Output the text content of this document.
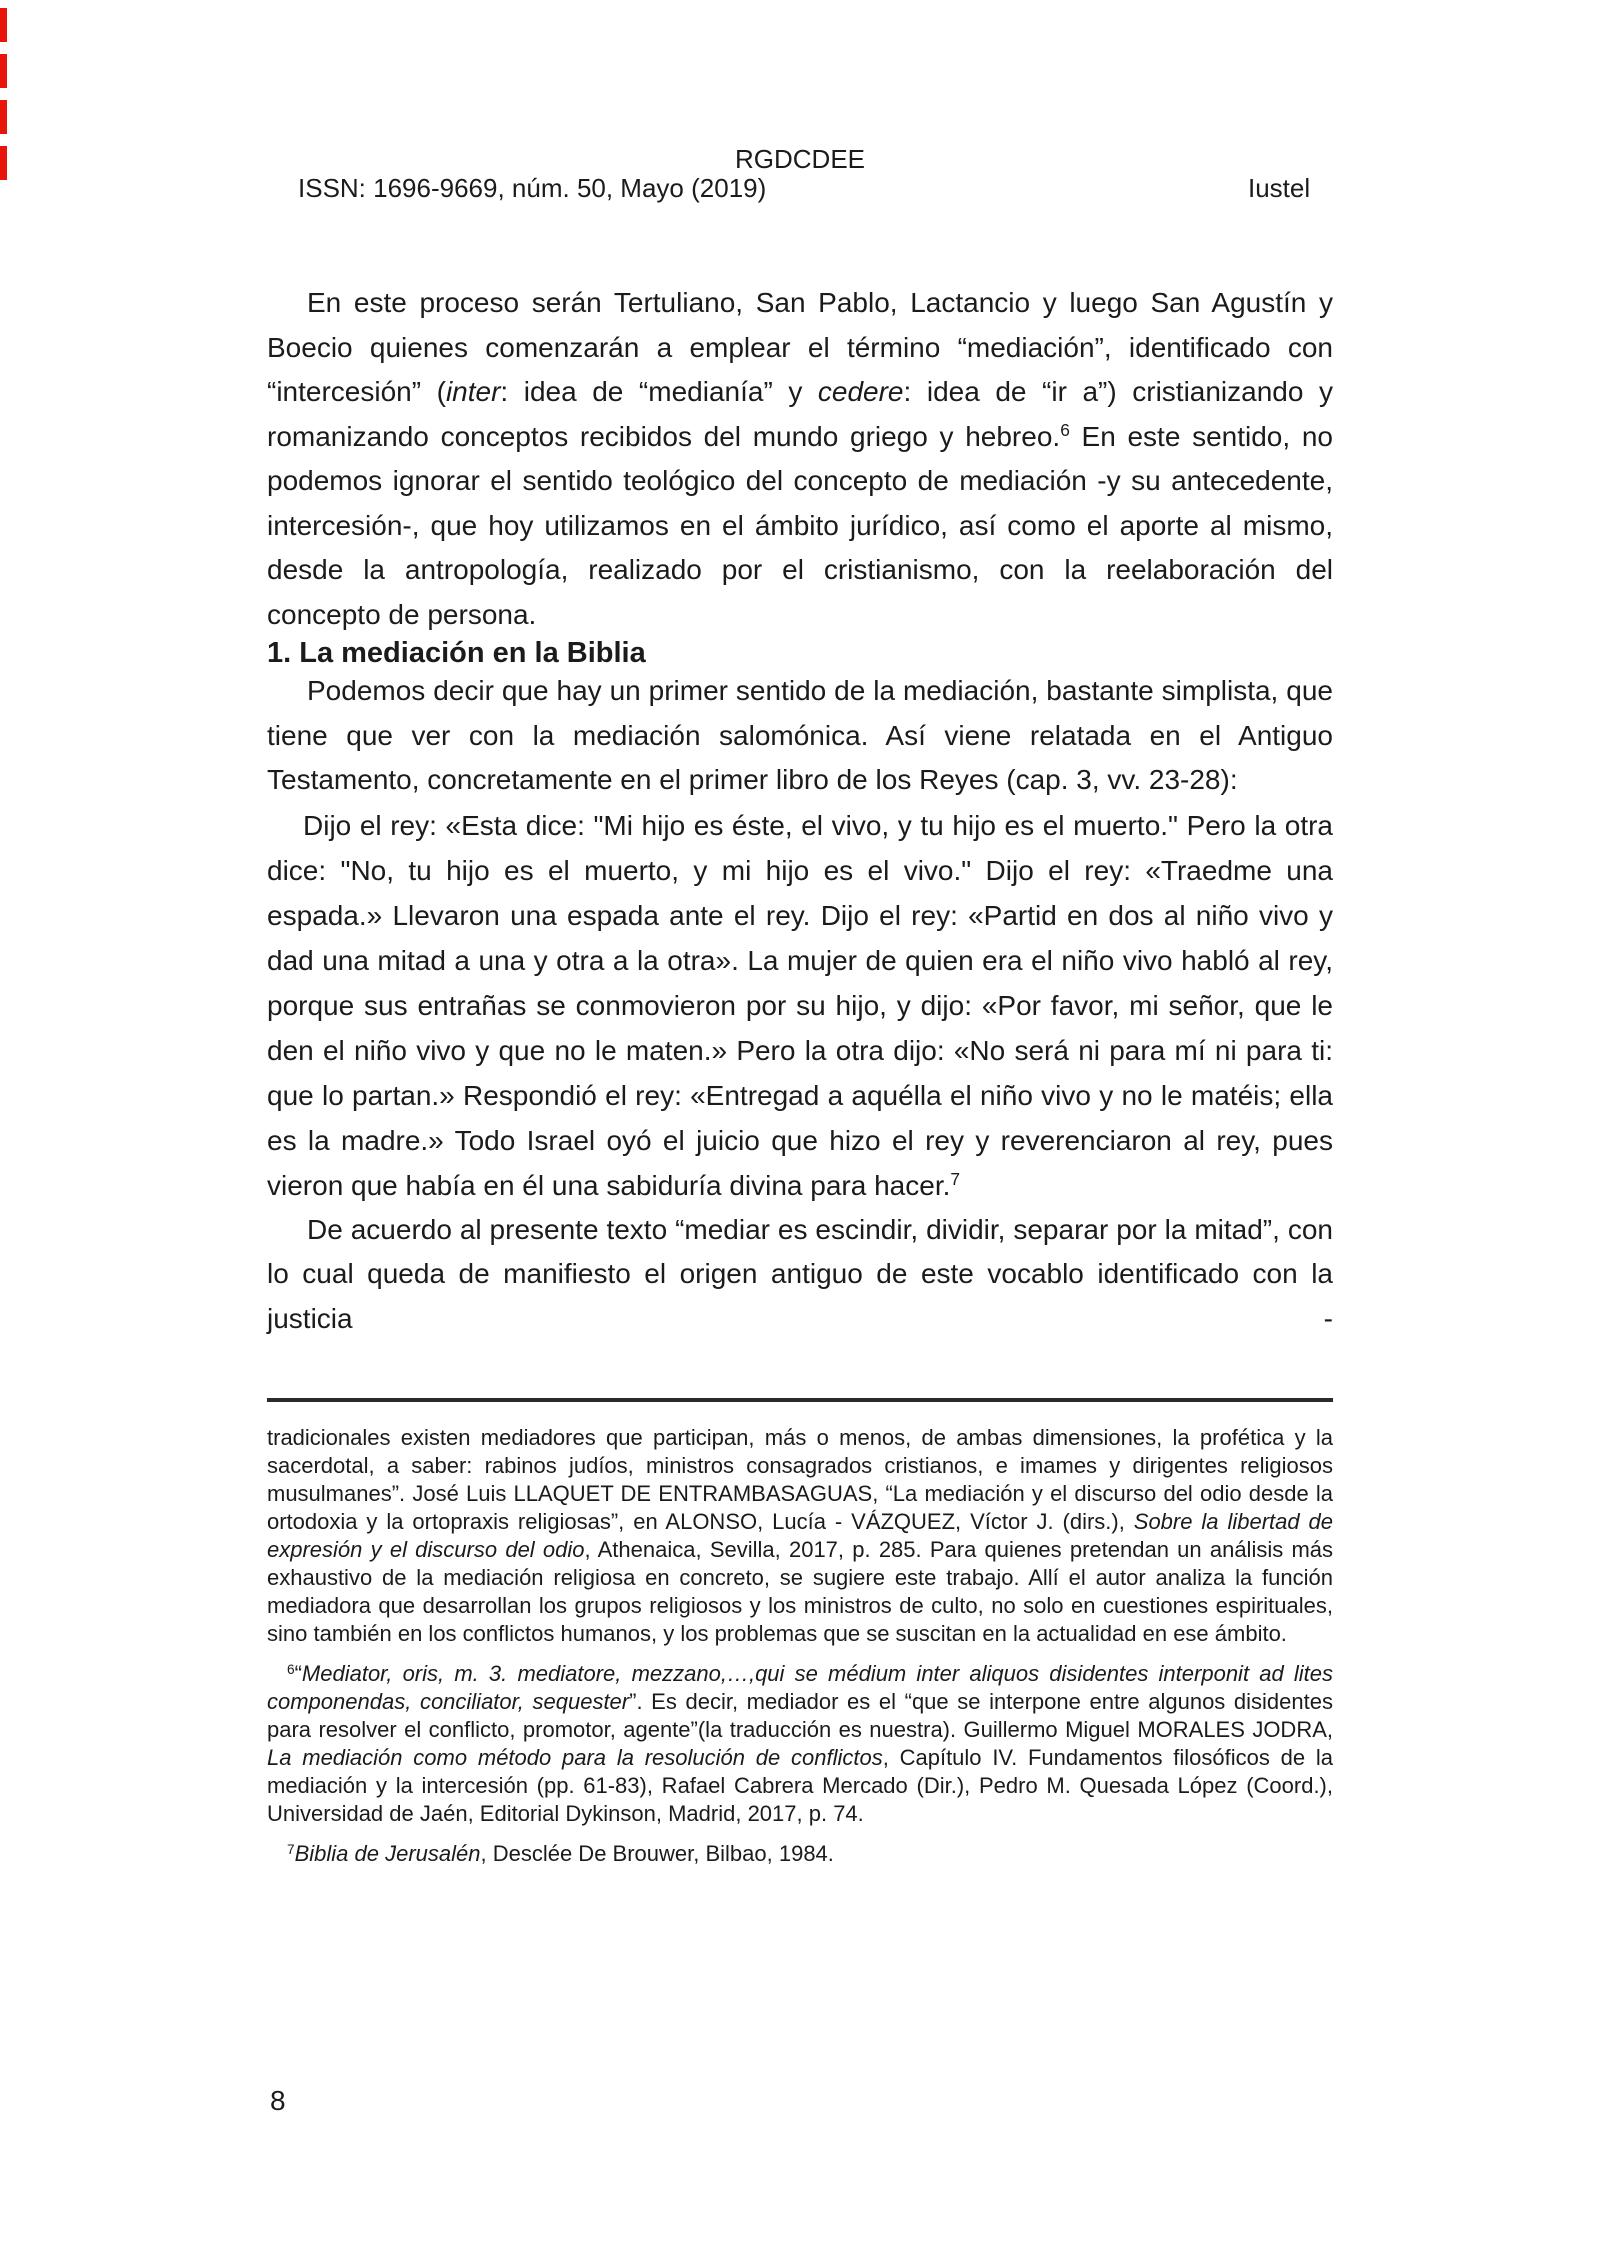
RGDCDEE
ISSN: 1696-9669, núm. 50, Mayo (2019)	Iustel

En este proceso serán Tertuliano, San Pablo, Lactancio y luego San Agustín y Boecio quienes comenzarán a emplear el término “mediación”, identificado con “intercesión” (inter: idea de “medianía” y cedere: idea de “ir a”) cristianizando y romanizando conceptos recibidos del mundo griego y hebreo.$^6$ En este sentido, no podemos ignorar el sentido teológico del concepto de mediación -y su antecedente, intercesión-, que hoy utilizamos en el ámbito jurídico, así como el aporte al mismo, desde la antropología, realizado por el cristianismo, con la reelaboración del concepto de persona.

1. La mediación en la Biblia

Podemos decir que hay un primer sentido de la mediación, bastante simplista, que tiene que ver con la mediación salomónica. Así viene relatada en el Antiguo Testamento, concretamente en el primer libro de los Reyes (cap. 3, vv. 23-28):

Dijo el rey: «Esta dice: "Mi hijo es éste, el vivo, y tu hijo es el muerto." Pero la otra dice: "No, tu hijo es el muerto, y mi hijo es el vivo." Dijo el rey: «Traedme una espada.» Llevaron una espada ante el rey. Dijo el rey: «Partid en dos al niño vivo y dad una mitad a una y otra a la otra». La mujer de quien era el niño vivo habló al rey, porque sus entrañas se conmovieron por su hijo, y dijo: «Por favor, mi señor, que le den el niño vivo y que no le maten.» Pero la otra dijo: «No será ni para mí ni para ti: que lo partan.» Respondió el rey: «Entregad a aquélla el niño vivo y no le matéis; ella es la madre.» Todo Israel oyó el juicio que hizo el rey y reverenciaron al rey, pues vieron que había en él una sabiduría divina para hacer.$^7$

De acuerdo al presente texto “mediar es escindir, dividir, separar por la mitad”, con lo cual queda de manifiesto el origen antiguo de este vocablo identificado con la justicia -

tradicionales existen mediadores que participan, más o menos, de ambas dimensiones, la profética y la sacerdotal, a saber: rabinos judíos, ministros consagrados cristianos, e imames y dirigentes religiosos musulmanes”. José Luis LLAQUET DE ENTRAMBASAGUAS, “La mediación y el discurso del odio desde la ortodoxia y la ortopraxis religiosas”, en ALONSO, Lucía - VÁZQUEZ, Víctor J. (dirs.), Sobre la libertad de expresión y el discurso del odio, Athenaica, Sevilla, 2017, p. 285. Para quienes pretendan un análisis más exhaustivo de la mediación religiosa en concreto, se sugiere este trabajo. Allí el autor analiza la función mediadora que desarrollan los grupos religiosos y los ministros de culto, no solo en cuestiones espirituales, sino también en los conflictos humanos, y los problemas que se suscitan en la actualidad en ese ámbito.

$^6$“Mediator, oris, m. 3. mediatore, mezzano,…,qui se médium inter aliquos disidentes interponit ad lites componendas, conciliator, sequester”. Es decir, mediador es el “que se interpone entre algunos disidentes para resolver el conflicto, promotor, agente”(la traducción es nuestra). Guillermo Miguel MORALES JODRA, La mediación como método para la resolución de conflictos, Capítulo IV. Fundamentos filosóficos de la mediación y la intercesión (pp. 61-83), Rafael Cabrera Mercado (Dir.), Pedro M. Quesada López (Coord.), Universidad de Jaén, Editorial Dykinson, Madrid, 2017, p. 74.

$^7$Biblia de Jerusalén, Desclée De Brouwer, Bilbao, 1984.

8
